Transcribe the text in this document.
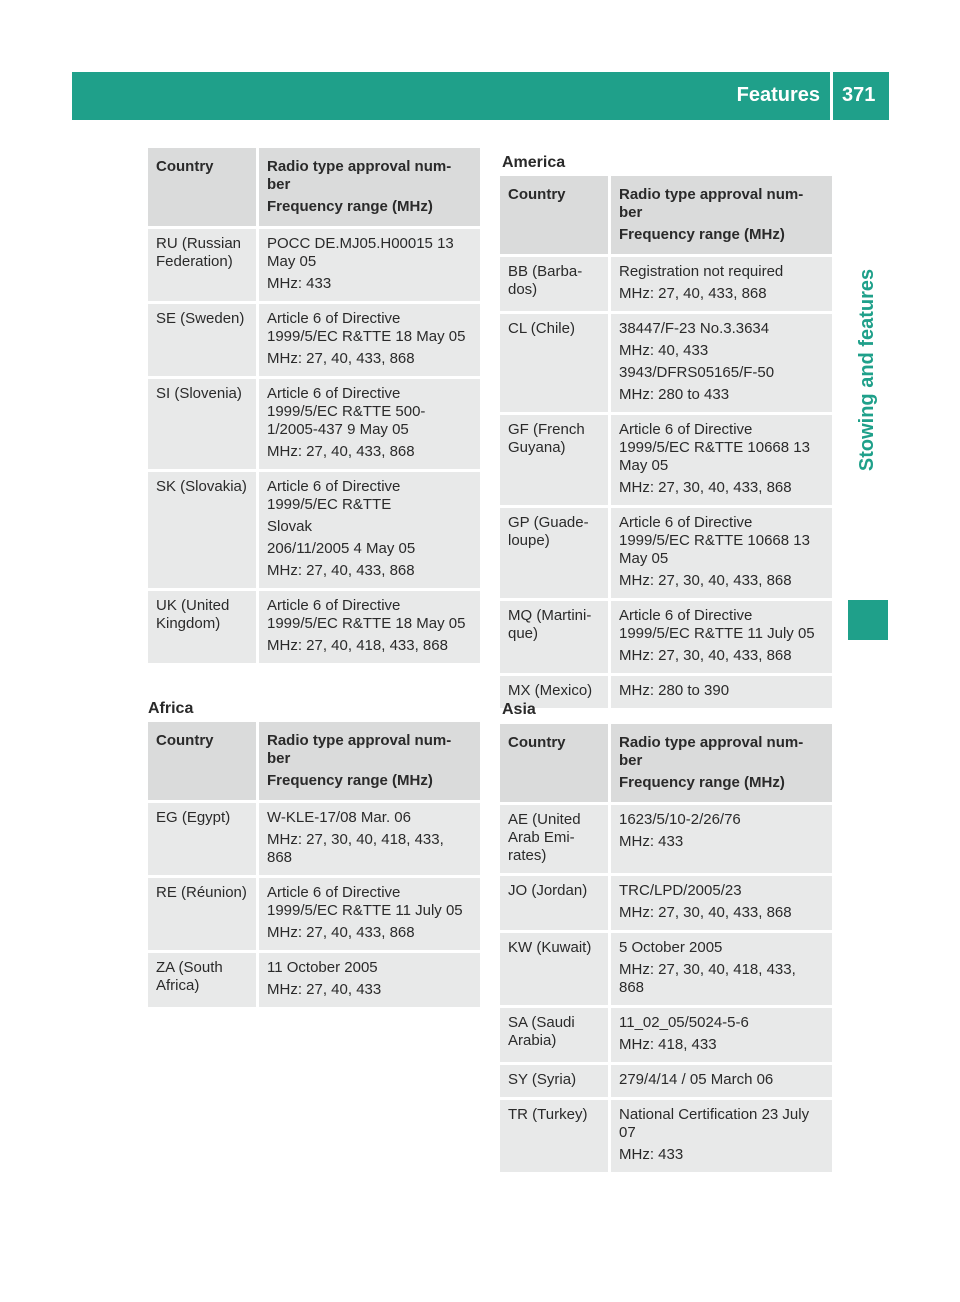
Features 371
Stowing and features
Country	Radio type approval num-ber

Frequency range (MHz)

RU (Russian Federation)	POCC DE.MJ05.H00015 13 May 05

MHz: 433

SE (Sweden)	Article 6 of Directive 1999/5/EC R&TTE 18 May 05

MHz: 27, 40, 433, 868

SI (Slovenia)	Article 6 of Directive 1999/5/EC R&TTE 500-1/2005-437 9 May 05

MHz: 27, 40, 433, 868

SK (Slovakia)	Article 6 of Directive 1999/5/EC R&TTE

Slovak

206/11/2005 4 May 05

MHz: 27, 40, 433, 868

UK (United Kingdom)	Article 6 of Directive 1999/5/EC R&TTE 18 May 05

MHz: 27, 40, 418, 433, 868

Africa
Country	Radio type approval num-ber

Frequency range (MHz)

EG (Egypt)	W-KLE-17/08 Mar. 06

MHz: 27, 30, 40, 418, 433, 868

RE (Réunion)	Article 6 of Directive 1999/5/EC R&TTE 11 July 05

MHz: 27, 40, 433, 868

ZA (South Africa)	11 October 2005

MHz: 27, 40, 433

America
Country	Radio type approval num-ber

Frequency range (MHz)

BB (Barba-dos)	Registration not required

MHz: 27, 40, 433, 868

CL (Chile)	38447/F-23 No.3.3634

MHz: 40, 433

3943/DFRS05165/F-50

MHz: 280 to 433

GF (French Guyana)	Article 6 of Directive 1999/5/EC R&TTE 10668 13 May 05

MHz: 27, 30, 40, 433, 868

GP (Guade-loupe)	Article 6 of Directive 1999/5/EC R&TTE 10668 13 May 05

MHz: 27, 30, 40, 433, 868

MQ (Martini-que)	Article 6 of Directive 1999/5/EC R&TTE 11 July 05

MHz: 27, 30, 40, 433, 868

MX (Mexico)	MHz: 280 to 390

Asia
Country	Radio type approval num-ber

Frequency range (MHz)

AE (United Arab Emi-rates)	1623/5/10-2/26/76

MHz: 433

JO (Jordan)	TRC/LPD/2005/23

MHz: 27, 30, 40, 433, 868

KW (Kuwait)	5 October 2005

MHz: 27, 30, 40, 418, 433, 868

SA (Saudi Arabia)	11_02_05/5024-5-6

MHz: 418, 433

SY (Syria)	279/4/14 / 05 March 06

TR (Turkey)	National Certification 23 July 07

MHz: 433
